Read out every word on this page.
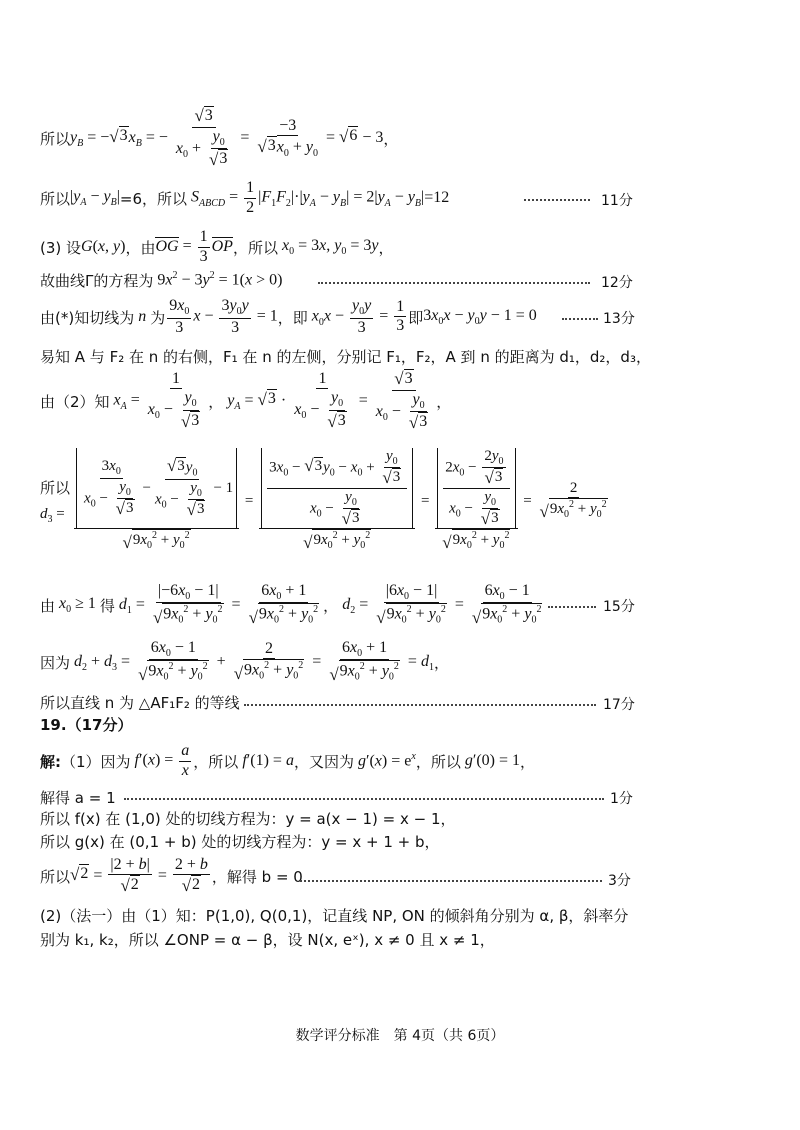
所以 $y_B$ = − √ 3 $x_B$ = − $\frac{√ 3}{x_0 + \frac{y_0}{√ 3}} = \frac{-3}{√ 3 x_0 + y_0}$ = √ 6 − 3 ，
所以 $|y_A - y_B| =6$，所以 $S_{ABCD} = \frac{1}{2} |F_1F_2|\cdot|y_A - y_B| = 2|y_A - y_B| =12$	11分
(3) 设 G(x, y) ，由 OG = $\frac{1}{3}$ OP ，所以 $x_0 = 3x$, $y_0 = 3y$ ，
故曲线Γ的方程为 $9x^2 - 3y^2 = 1(x > 0)$	12分
由(*)知切线为 n 为 $\frac{9x_0}{3}$ $x - \frac{3y_0y}{3} = 1$ ，即 $x_0x - \frac{y_0y}{3} = \frac{1}{3}$ 即 $3x_0x - y_0y - 1 = 0$	13分
易知 A 与 F₂ 在 n 的右侧，F₁ 在 n 的左侧，分别记 F₁，F₂，A 到 n 的距离为 d₁，d₂，d₃，
由（2）知 $x_A = \frac{1}{x_0 - \frac{y_0}{√ 3}}$ ， $y_A$ = √ $3 \cdot \frac{1}{x_0 - \frac{y_0}{√ 3}} = \frac{√ 3}{x_0 - \frac{y_0}{√ 3}}$ ，
所以
$d_3 = \frac{\frac{3x_0}{x_0 - \frac{y_0}{√ 3}} - \frac{√ 3 y_0}{x_0 - \frac{y_0}{√ 3}} - 1}{√ 9x_0^2 + y_0^2} = \frac{\frac{3x_0 - √ 3 y_0 - x_0 + \frac{y_0}{√ 3}}{x_0 - \frac{y_0}{√ 3}}}{√ 9x_0^2 + y_0^2} = \frac{\frac{2x_0 - \frac{2y_0}{√ 3}}{x_0 - \frac{y_0}{√ 3}}}{√ 9x_0^2 + y_0^2} = \frac{2}{√ 9x_0^2 + y_0^2}$
由 $x_0 \ge 1$ 得 $d_1 = \frac{|-6x_0 - 1|}{√ 9x_0^2 + y_0^2} = \frac{6x_0 + 1}{√ 9x_0^2 + y_0^2}$ ， $d_2 = \frac{|6x_0 - 1|}{√ 9x_0^2 + y_0^2} = \frac{6x_0 - 1}{√ 9x_0^2 + y_0^2}$	15分
因为 $d_2 + d_3 = \frac{6x_0 - 1}{√ 9x_0^2 + y_0^2} + \frac{2}{√ 9x_0^2 + y_0^2} = \frac{6x_0 + 1}{√ 9x_0^2 + y_0^2} = d_1$ ，
所以直线 n 为 △AF₁F₂ 的等线	17分
19.（17分）
解: （1）因为 $f'(x) = \frac{a}{x}$ ，所以 f′(1) = a ，又因为 $g'(x) = e^x$ ，所以 g′(0) = 1 ，
解得 a = 1	1分
所以 f(x) 在 (1,0) 处的切线方程为：y = a(x − 1) = x − 1，
所以 g(x) 在 (0,1 + b) 处的切线方程为：y = x + 1 + b，
所以 √ $2 = \frac{|2 + b|}{√ 2} = \frac{2 + b}{√ 2}$ ，解得 b = 0	3分
(2)（法一）由（1）知：P(1,0), Q(0,1)，记直线 NP, ON 的倾斜角分别为 α, β，斜率分
别为 k₁, k₂，所以 ∠ONP = α − β，设 N(x, eˣ), x ≠ 0 且 x ≠ 1，
数学评分标准　第 4页（共 6页）
